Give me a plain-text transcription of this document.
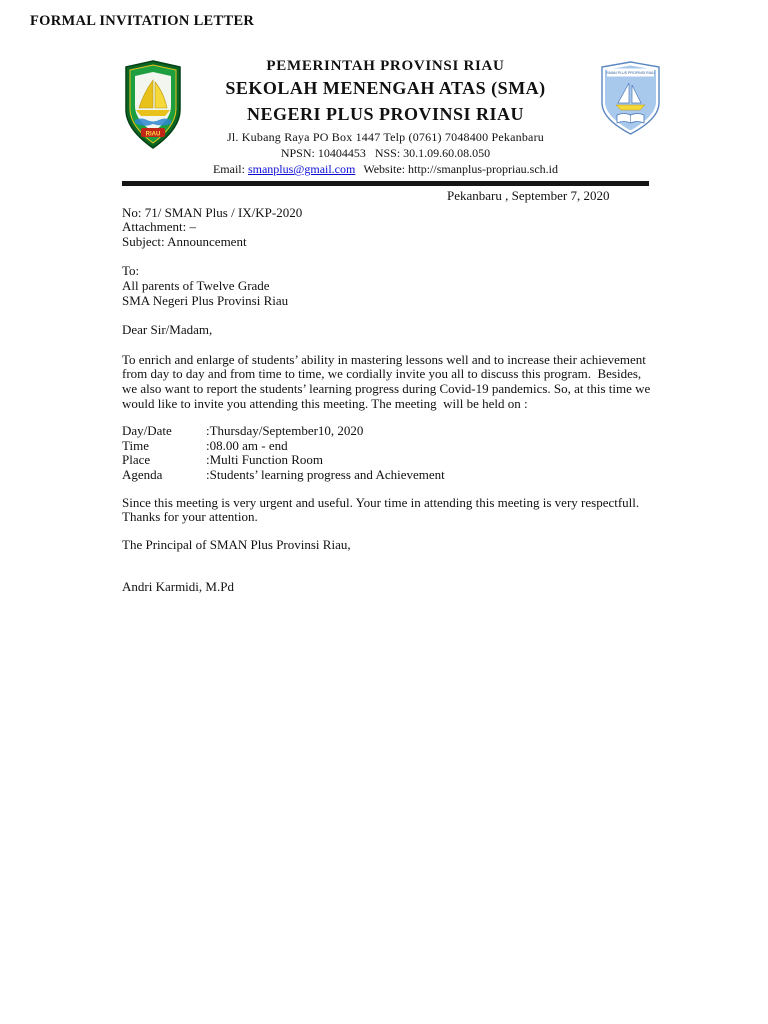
FORMAL INVITATION LETTER
RIAU
SMAN PLUS PROPINSI RIAU
PEMERINTAH PROVINSI RIAU
SEKOLAH MENENGAH ATAS (SMA)
NEGERI PLUS PROVINSI RIAU
Jl. Kubang Raya PO Box 1447 Telp (0761) 7048400 Pekanbaru
NPSN: 10404453   NSS: 30.1.09.60.08.050
Email: smanplus@gmail.com Website: http://smanplus-propriau.sch.id
Pekanbaru , September 7, 2020
No: 71/ SMAN Plus / IX/KP-2020
Attachment: –
Subject: Announcement
To:
All parents of Twelve Grade
SMA Negeri Plus Provinsi Riau
Dear Sir/Madam,
To enrich and enlarge of students’ ability in mastering lessons well and to increase their achievement from day to day and from time to time, we cordially invite you all to discuss this program.  Besides, we also want to report the students’ learning progress during Covid-19 pandemics. So, at this time we would like to invite you attending this meeting. The meeting  will be held on :
Day/Date	:Thursday/September10, 2020
Time	:08.00 am - end
Place	:Multi Function Room
Agenda	:Students’ learning progress and Achievement
Since this meeting is very urgent and useful. Your time in attending this meeting is very respectfull. Thanks for your attention.
The Principal of SMAN Plus Provinsi Riau,
Andri Karmidi, M.Pd
